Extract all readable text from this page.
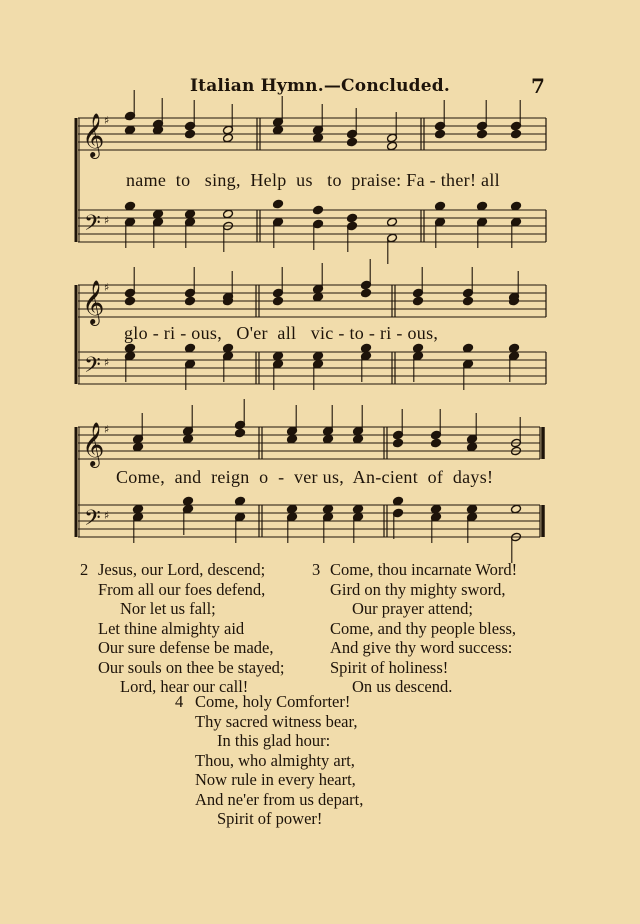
Italian Hymn.—Concluded.	7
𝄞
𝄢
♯
♯
𝄞
𝄢
♯
♯
𝄞
𝄢
♯
♯
name  to   sing,  Help  us   to  praise: Fa - ther! all
glo - ri - ous,   O'er  all   vic - to - ri - ous,
Come,  and  reign  o  -  ver us,  An-cient  of  days!
2 Jesus, our Lord, descend;
From all our foes defend,
Nor let us fall;
Let thine almighty aid
Our sure defense be made,
Our souls on thee be stayed;
Lord, hear our call!
3 Come, thou incarnate Word!
Gird on thy mighty sword,
Our prayer attend;
Come, and thy people bless,
And give thy word success:
Spirit of holiness!
On us descend.
4 Come, holy Comforter!
Thy sacred witness bear,
In this glad hour:
Thou, who almighty art,
Now rule in every heart,
And ne'er from us depart,
Spirit of power!
